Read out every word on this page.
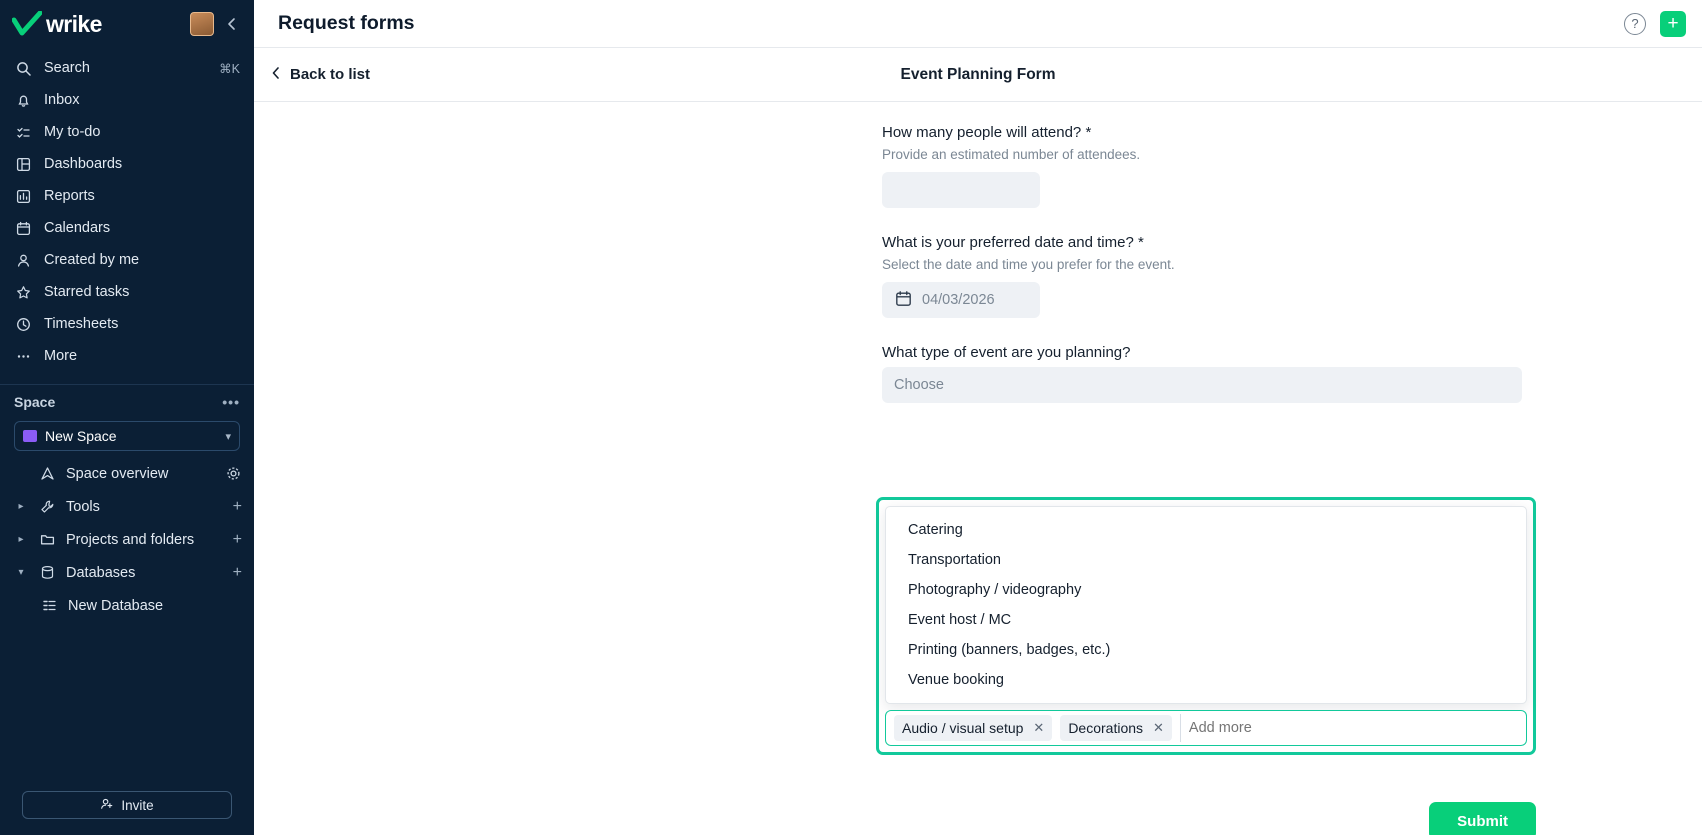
wrike
Search	⌘K
Inbox
My to-do
Dashboards
Reports
Calendars
Created by me
Starred tasks
Timesheets
More
Space	•••
New Space	▾
Space overview
▸	Tools	+
▸	Projects and folders	+
▾	Databases	+
New Database
Invite
Request forms	?	+
Back to list	Event Planning Form
How many people will attend? *
Provide an estimated number of attendees.
What is your preferred date and time? *
Select the date and time you prefer for the event.
04/03/2026
What type of event are you planning?
Choose
Catering
Transportation
Photography / videography
Event host / MC
Printing (banners, badges, etc.)
Venue booking
Audio / visual setup ✕ Decorations ✕
Add more
Submit
